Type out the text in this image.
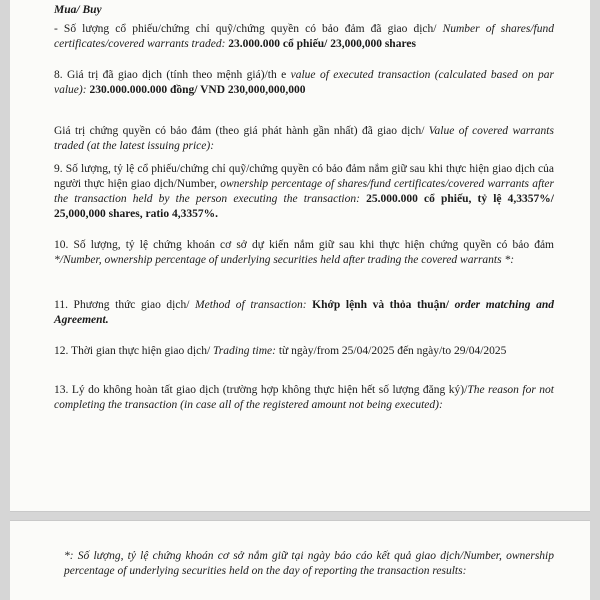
Mua/ Buy

- Số lượng cổ phiếu/chứng chỉ quỹ/chứng quyền có bảo đảm đã giao dịch/ Number of shares/fund certificates/covered warrants traded: 23.000.000 cổ phiếu/ 23,000,000 shares

8. Giá trị đã giao dịch (tính theo mệnh giá)/th e value of executed transaction (calculated based on par value): 230.000.000.000 đồng/ VND 230,000,000,000

Giá trị chứng quyền có bảo đảm (theo giá phát hành gần nhất) đã giao dịch/ Value of covered warrants traded (at the latest issuing price):

9. Số lượng, tỷ lệ cổ phiếu/chứng chỉ quỹ/chứng quyền có bảo đảm nắm giữ sau khi thực hiện giao dịch của người thực hiện giao dịch/Number, ownership percentage of shares/fund certificates/covered warrants after the transaction held by the person executing the transaction: 25.000.000 cổ phiếu, tỷ lệ 4,3357%/ 25,000,000 shares, ratio 4,3357%.

10. Số lượng, tỷ lệ chứng khoán cơ sở dự kiến nắm giữ sau khi thực hiện chứng quyền có bảo đảm */Number, ownership percentage of underlying securities held after trading the covered warrants *:

11. Phương thức giao dịch/ Method of transaction: Khớp lệnh và thỏa thuận/ order matching and Agreement.

12. Thời gian thực hiện giao dịch/ Trading time: từ ngày/from 25/04/2025 đến ngày/to 29/04/2025

13. Lý do không hoàn tất giao dịch (trường hợp không thực hiện hết số lượng đăng ký)/The reason for not completing the transaction (in case all of the registered amount not being executed):

*: Số lượng, tỷ lệ chứng khoán cơ sở nắm giữ tại ngày báo cáo kết quả giao dịch/Number, ownership percentage of underlying securities held on the day of reporting the transaction results:
